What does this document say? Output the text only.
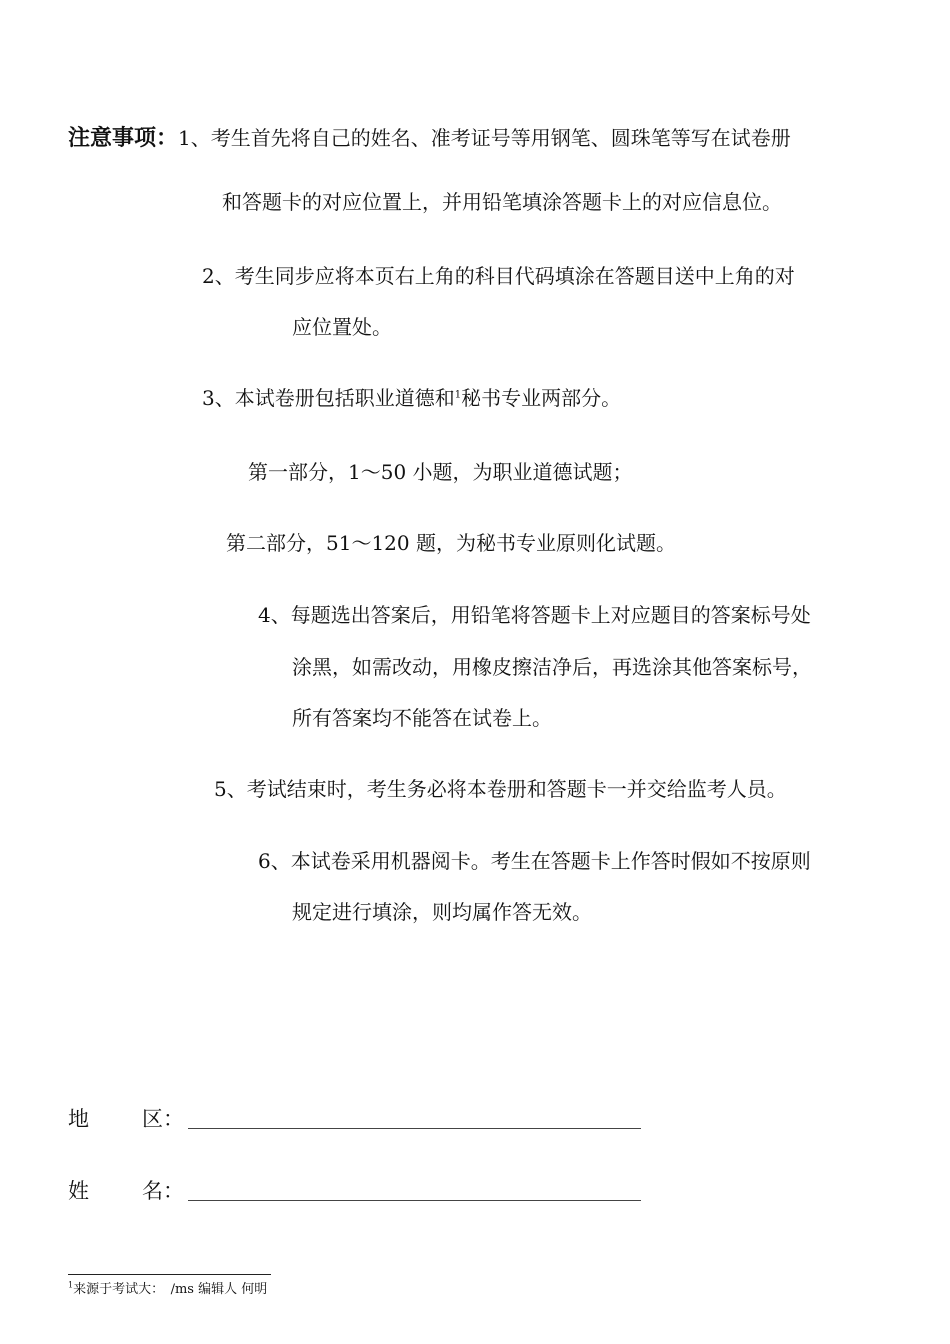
注意事项：1、考生首先将自己的姓名、准考证号等用钢笔、圆珠笔等写在试卷册
和答题卡的对应位置上，并用铅笔填涂答题卡上的对应信息位。
2、考生同步应将本页右上角的科目代码填涂在答题目送中上角的对
应位置处。
3、本试卷册包括职业道德和$^1$秘书专业两部分。
第一部分，1～50 小题，为职业道德试题；
第二部分，51～120 题，为秘书专业原则化试题。
4、每题选出答案后，用铅笔将答题卡上对应题目的答案标号处
涂黑，如需改动，用橡皮擦洁净后，再选涂其他答案标号，
所有答案均不能答在试卷上。
5、考试结束时，考生务必将本卷册和答题卡一并交给监考人员。
6、本试卷采用机器阅卡。考生在答题卡上作答时假如不按原则
规定进行填涂，则均属作答无效。
地	区：
姓	名：
$^1$来源于考试大：　/ms 编辑人 何明
